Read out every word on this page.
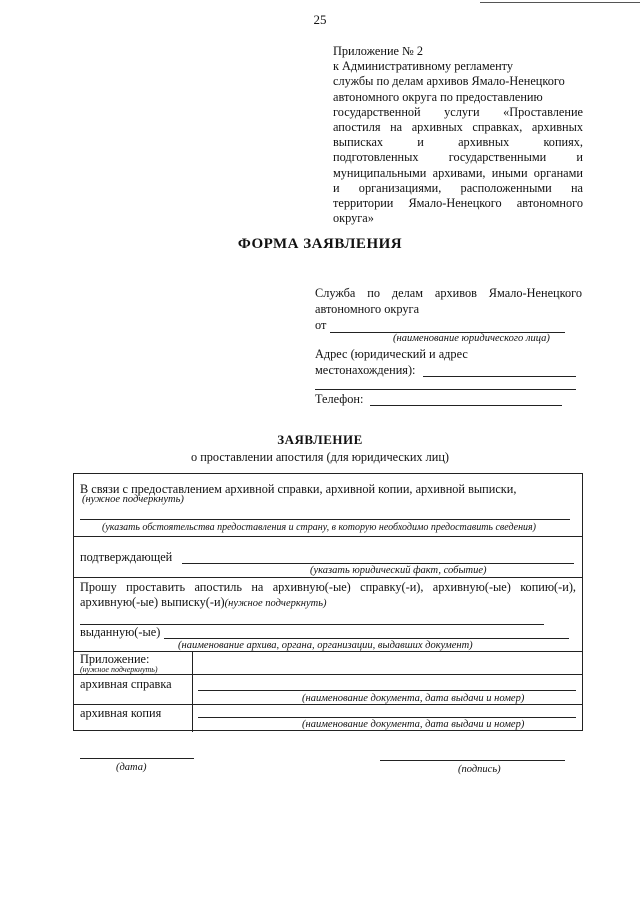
25
Приложение № 2
к Административному регламенту
службы по делам архивов Ямало-Ненецкого
автономного округа по предоставлению
государственной услуги «Проставление
апостиля на архивных справках, архивных
выписках и архивных копиях,
подготовленных государственными и
муниципальными архивами, иными органами
и организациями, расположенными на
территории Ямало-Ненецкого автономного
округа»
ФОРМА ЗАЯВЛЕНИЯ
Служба по делам архивов Ямало-Ненецкого
автономного округа
от
(наименование юридического лица)
Адрес (юридический и адрес
местонахождения):
Телефон:
ЗАЯВЛЕНИЕ
о проставлении апостиля (для юридических лиц)
В связи с предоставлением архивной справки, архивной копии, архивной выписки,
(нужное подчеркнуть)
(указать обстоятельства предоставления и страну, в которую необходимо предоставить сведения)
подтверждающей
(указать юридический факт, событие)
Прошу проставить апостиль на архивную(-ые) справку(-и), архивную(-ые) копию(-и),
архивную(-ые) выписку(-и)(нужное подчеркнуть)
выданную(-ые)
(наименование архива, органа, организации, выдавших документ)
Приложение:
(нужное подчеркнуть)
архивная справка
(наименование документа, дата выдачи и номер)
архивная копия
(наименование документа, дата выдачи и номер)
(дата)	(подпись)
